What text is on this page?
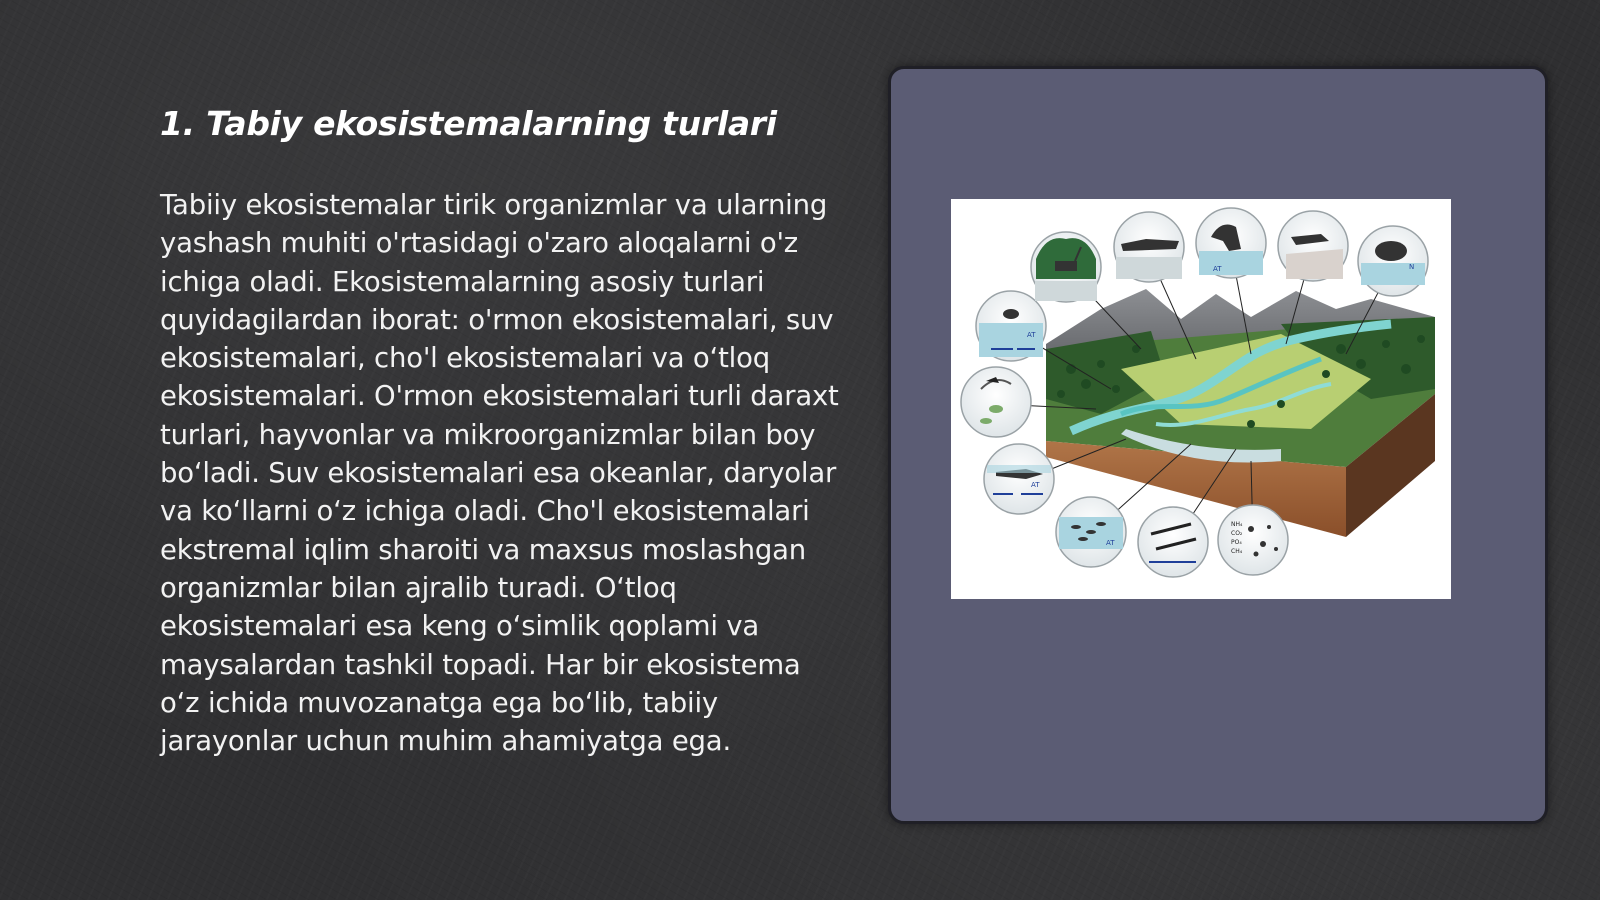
1. Tabiy ekosistemalarning turlari

Tabiiy ekosistemalar tirik organizmlar va ularning yashash muhiti o'rtasidagi o'zaro aloqalarni o'z ichiga oladi. Ekosistemalarning asosiy turlari quyidagilardan iborat: o'rmon ekosistemalari, suv ekosistemalari, cho'l ekosistemalari va o‘tloq ekosistemalari. O'rmon ekosistemalari turli daraxt turlari, hayvonlar va mikroorganizmlar bilan boy bo‘ladi. Suv ekosistemalari esa okeanlar, daryolar va ko‘llarni o‘z ichiga oladi. Cho'l ekosistemalari ekstremal iqlim sharoiti va maxsus moslashgan organizmlar bilan ajralib turadi. O‘tloq ekosistemalari esa keng o‘simlik qoplami va maysalardan tashkil topadi. Har bir ekosistema o‘z ichida muvozanatga ega bo‘lib, tabiiy jarayonlar uchun muhim ahamiyatga ega.

AT
AT
AT
AT
N
NH₄
CO₂
PO₄
CH₄
